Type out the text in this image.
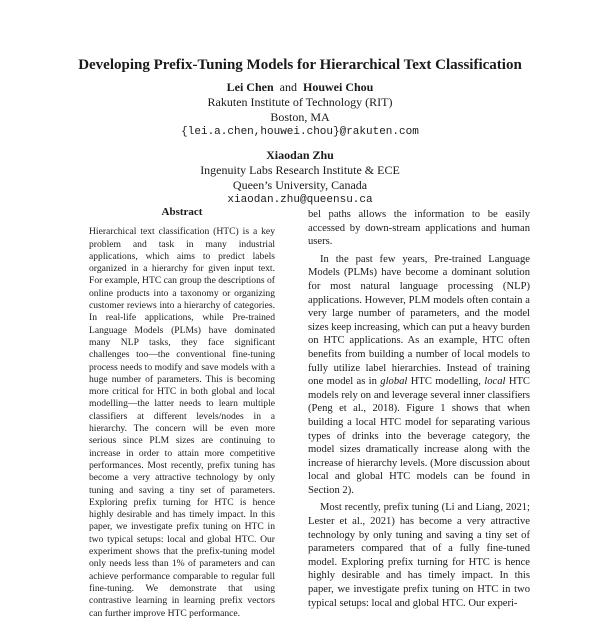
Developing Prefix-Tuning Models for Hierarchical Text Classification
Lei Chen and Houwei Chou
Rakuten Institute of Technology (RIT)
Boston, MA
{lei.a.chen,houwei.chou}@rakuten.com
Xiaodan Zhu
Ingenuity Labs Research Institute & ECE
Queen’s University, Canada
xiaodan.zhu@queensu.ca
Abstract

Hierarchical text classification (HTC) is a key problem and task in many industrial applications, which aims to predict labels organized in a hierarchy for given input text. For example, HTC can group the descriptions of online products into a taxonomy or organizing customer reviews into a hierarchy of categories. In real-life applications, while Pre-trained Language Models (PLMs) have dominated many NLP tasks, they face significant challenges too—the conventional fine-tuning process needs to modify and save models with a huge number of parameters. This is becoming more critical for HTC in both global and local modelling—the latter needs to learn multiple classifiers at different levels/nodes in a hierarchy. The concern will be even more serious since PLM sizes are continuing to increase in order to attain more competitive performances. Most recently, prefix tuning has become a very attractive technology by only tuning and saving a tiny set of parameters. Exploring prefix turning for HTC is hence highly desirable and has timely impact. In this paper, we investigate prefix tuning on HTC in two typical setups: local and global HTC. Our experiment shows that the prefix-tuning model only needs less than 1% of parameters and can achieve performance comparable to regular full fine-tuning. We demonstrate that using contrastive learning in learning prefix vectors can further improve HTC performance.

bel paths allows the information to be easily accessed by down-stream applications and human users.

In the past few years, Pre-trained Language Models (PLMs) have become a dominant solution for most natural language processing (NLP) applications. However, PLM models often contain a very large number of parameters, and the model sizes keep increasing, which can put a heavy burden on HTC applications. As an example, HTC often benefits from building a number of local models to fully utilize label hierarchies. Instead of training one model as in global HTC modelling, local HTC models rely on and leverage several inner classifiers (Peng et al., 2018). Figure 1 shows that when building a local HTC model for separating various types of drinks into the beverage category, the model sizes dramatically increase along with the increase of hierarchy levels. (More discussion about local and global HTC models can be found in Section 2).

Most recently, prefix tuning (Li and Liang, 2021; Lester et al., 2021) has become a very attractive technology by only tuning and saving a tiny set of parameters compared that of a fully fine-tuned model. Exploring prefix turning for HTC is hence highly desirable and has timely impact. In this paper, we investigate prefix tuning on HTC in two typical setups: local and global HTC. Our experi-
